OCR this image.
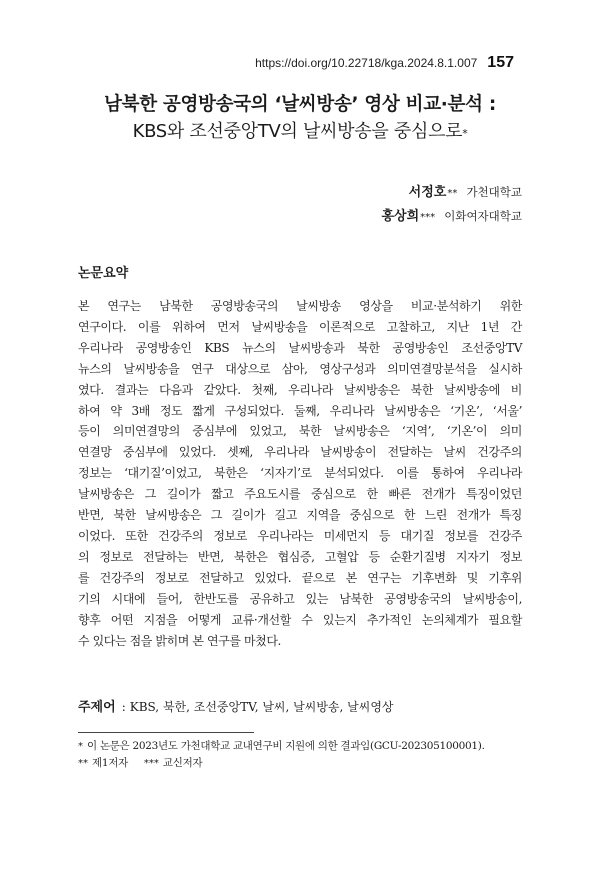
https://doi.org/10.22718/kga.2024.8.1.007 157
남북한 공영방송국의 ‘날씨방송’ 영상 비교·분석 :
KBS와 조선중앙TV의 날씨방송을 중심으로*
서정호** 가천대학교
홍상희*** 이화여자대학교
논문요약
본 연구는 남북한 공영방송국의 날씨방송 영상을 비교·분석하기 위한
연구이다. 이를 위하여 먼저 날씨방송을 이론적으로 고찰하고, 지난 1년 간
우리나라 공영방송인 KBS 뉴스의 날씨방송과 북한 공영방송인 조선중앙TV
뉴스의 날씨방송을 연구 대상으로 삼아, 영상구성과 의미연결망분석을 실시하
였다. 결과는 다음과 같았다. 첫째, 우리나라 날씨방송은 북한 날씨방송에 비
하여 약 3배 정도 짧게 구성되었다. 둘째, 우리나라 날씨방송은 ‘기온’, ‘서울’
등이 의미연결망의 중심부에 있었고, 북한 날씨방송은 ‘지역’, ‘기온’이 의미
연결망 중심부에 있었다. 셋째, 우리나라 날씨방송이 전달하는 날씨 건강주의
정보는 ‘대기질’이었고, 북한은 ‘지자기’로 분석되었다. 이를 통하여 우리나라
날씨방송은 그 길이가 짧고 주요도시를 중심으로 한 빠른 전개가 특징이었던
반면, 북한 날씨방송은 그 길이가 길고 지역을 중심으로 한 느린 전개가 특징
이었다. 또한 건강주의 정보로 우리나라는 미세먼지 등 대기질 정보를 건강주
의 정보로 전달하는 반면, 북한은 협심증, 고혈압 등 순환기질병 지자기 정보
를 건강주의 정보로 전달하고 있었다. 끝으로 본 연구는 기후변화 및 기후위
기의 시대에 들어, 한반도를 공유하고 있는 남북한 공영방송국의 날씨방송이,
향후 어떤 지점을 어떻게 교류·개선할 수 있는지 추가적인 논의체계가 필요할
수 있다는 점을 밝히며 본 연구를 마쳤다.
주제어 : KBS, 북한, 조선중앙TV, 날씨, 날씨방송, 날씨영상
* 이 논문은 2023년도 가천대학교 교내연구비 지원에 의한 결과임(GCU-202305100001).
** 제1저자 *** 교신저자
